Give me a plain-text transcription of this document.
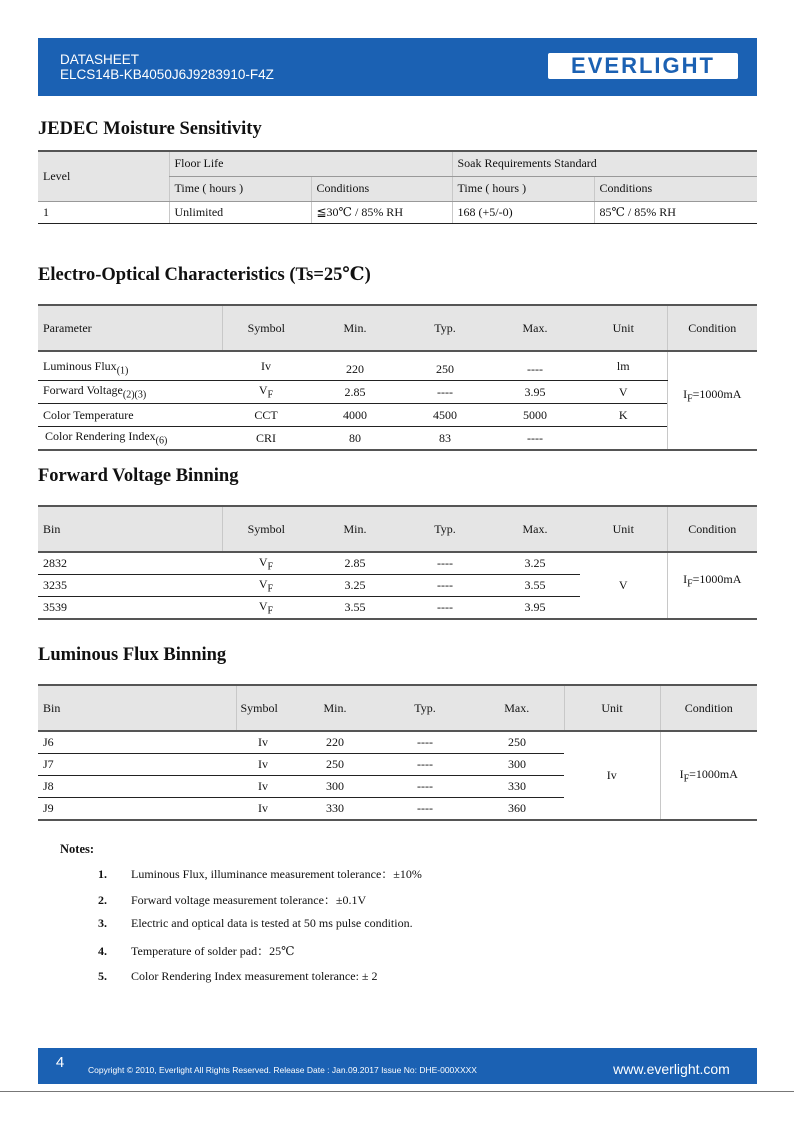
DATASHEET
ELCS14B-KB4050J6J9283910-F4Z	EVERLIGHT
JEDEC Moisture Sensitivity
Level	Floor Life		Soak Requirements Standard	
	Time ( hours )	Conditions	Time ( hours )	Conditions
1	Unlimited	≦30℃ / 85% RH	168 (+5/-0)	85℃ / 85% RH
Electro-Optical Characteristics (Ts=25℃)
Parameter	Symbol	Min.	Typ.	Max.	Unit	Condition
Luminous Flux$_{(1)}$	Iv	220	250	----	lm	$I_F=1000mA$
Forward Voltage$_{(2)(3)}$	$V_F$	2.85	----	3.95	V	
Color Temperature	CCT	4000	4500	5000	K	
Color Rendering Index$_{(6)}$	CRI	80	83	----		
Forward Voltage Binning
Bin	Symbol	Min.	Typ.	Max.	Unit	Condition
2832	$V_F$	2.85	----	3.25	V	$I_F=1000mA$
3235	$V_F$	3.25	----	3.55		
3539	$V_F$	3.55	----	3.95		
Luminous Flux Binning
Bin	Symbol	Min.	Typ.	Max.	Unit	Condition
J6	Iv	220	----	250	Iv	$I_F=1000mA$
J7	Iv	250	----	300		
J8	Iv	300	----	330		
J9	Iv	330	----	360		
Notes:
1. Luminous Flux, illuminance measurement tolerance：±10%
2. Forward voltage measurement tolerance：±0.1V
3. Electric and optical data is tested at 50 ms pulse condition.
4. Temperature of solder pad：25℃
5. Color Rendering Index measurement tolerance: ± 2
4	Copyright © 2010, Everlight All Rights Reserved. Release Date : Jan.09.2017 Issue No: DHE-000XXXX	www.everlight.com
